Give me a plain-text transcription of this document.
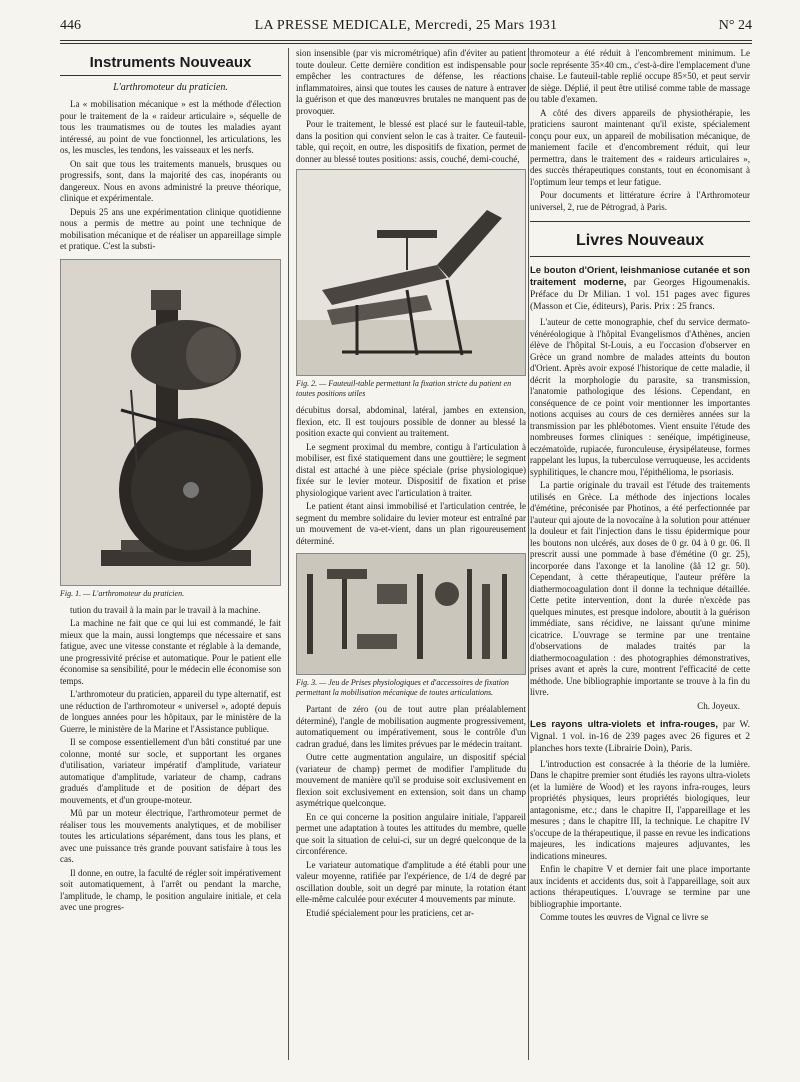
446	LA PRESSE MEDICALE, Mercredi, 25 Mars 1931	N° 24
Instruments Nouveaux
L'arthromoteur du praticien.

La « mobilisation mécanique » est la méthode d'élection pour le traitement de la « raideur articulaire », séquelle de tous les traumatismes ou de toutes les maladies ayant intéressé, au point de vue fonctionnel, les articulations, les os, les muscles, les tendons, les vaisseaux et les nerfs.

On sait que tous les traitements manuels, brusques ou progressifs, sont, dans la majorité des cas, inopérants ou dangereux. Nous en avons administré la preuve théorique, clinique et expérimentale.

Depuis 25 ans une expérimentation clinique quotidienne nous a permis de mettre au point une technique de mobilisation mécanique et de réaliser un appareillage simple et pratique. C'est la substi-

Fig. 1. — L'arthromoteur du praticien.

tution du travail à la main par le travail à la machine.

La machine ne fait que ce qui lui est commandé, le fait mieux que la main, aussi longtemps que nécessaire et sans fatigue, avec une vitesse constante et réglable à la demande, une progressivité précise et automatique. Pour le patient elle économise sa sensibilité, pour le médecin elle économise son temps.

L'arthromoteur du praticien, appareil du type alternatif, est une réduction de l'arthromoteur « universel », adopté depuis de longues années pour les hôpitaux, par le ministère de la Guerre, le ministère de la Marine et l'Assistance publique.

Il se compose essentiellement d'un bâti constitué par une colonne, monté sur socle, et supportant les organes d'utilisation, variateur impératif d'amplitude, variateur automatique d'amplitude, variateur de champ, cadrans gradués d'amplitude et de position de départ des mouvements, et d'un groupe-moteur.

Mû par un moteur électrique, l'arthromoteur permet de réaliser tous les mouvements analytiques, et de mobiliser toutes les articulations séparément, dans tous les plans, et avec une puissance très grande pouvant satisfaire à tous les cas.

Il donne, en outre, la faculté de régler soit impérativement soit automatiquement, à l'arrêt ou pendant la marche, l'amplitude, le champ, le position angulaire initiale, et cela avec une progres-

sion insensible (par vis micrométrique) afin d'éviter au patient toute douleur. Cette dernière condition est indispensable pour empêcher les contractures de défense, les réactions inflammatoires, ainsi que toutes les causes de nature à entraver la guérison et que des manœuvres brutales ne manquent pas de provoquer.

Pour le traitement, le blessé est placé sur le fauteuil-table, dans la position qui convient selon le cas à traiter. Ce fauteuil-table, qui reçoit, en outre, les dispositifs de fixation, permet de donner au blessé toutes positions: assis, couché, demi-couché,

Fig. 2. — Fauteuil-table permettant la fixation stricte du patient en toutes positions utiles

décubitus dorsal, abdominal, latéral, jambes en extension, flexion, etc. Il est toujours possible de donner au blessé la position exacte qui convient au traitement.

Le segment proximal du membre, contigu à l'articulation à mobiliser, est fixé statiquement dans une gouttière; le segment distal est attaché à une pièce spéciale (prise physiologique) fixée sur le levier moteur. Dispositif de fixation et prise physiologique varient avec l'articulation à traiter.

Le patient étant ainsi immobilisé et l'articulation centrée, le segment du membre solidaire du levier moteur est entraîné par un mouvement de va-et-vient, dans un plan rigoureusement déterminé.

Fig. 3. — Jeu de Prises physiologiques et d'accessoires de fixation permettant la mobilisation mécanique de toutes articulations.

Partant de zéro (ou de tout autre plan préalablement déterminé), l'angle de mobilisation augmente progressivement, automatiquement ou impérativement, sous le contrôle d'un cadran gradué, dans les limites prévues par le médecin traitant.

Outre cette augmentation angulaire, un dispositif spécial (variateur de champ) permet de modifier l'amplitude du mouvement de manière qu'il se produise soit exclusivement en flexion soit exclusivement en extension, soit dans un champ asymétrique quelconque.

En ce qui concerne la position angulaire initiale, l'appareil permet une adaptation à toutes les attitudes du membre, quelle que soit la situation de celui-ci, sur un degré quelconque de la circonférence.

Le variateur automatique d'amplitude a été établi pour une valeur moyenne, ratifiée par l'expérience, de 1/4 de degré par oscillation double, soit un degré par minute, la rotation étant elle-même calculée pour exécuter 4 mouvements par minute.

Etudié spécialement pour les praticiens, cet ar-

thromoteur a été réduit à l'encombrement minimum. Le socle représente 35×40 cm., c'est-à-dire l'emplacement d'une chaise. Le fauteuil-table replié occupe 85×50, et peut servir de siège. Déplié, il peut être utilisé comme table de massage ou table d'examen.

A côté des divers appareils de physiothérapie, les praticiens sauront maintenant qu'il existe, spécialement conçu pour eux, un appareil de mobilisation mécanique, de maniement facile et d'encombrement réduit, qui leur permettra, dans le traitement des « raideurs articulaires », des succès thérapeutiques constants, tout en économisant à l'optimum leur temps et leur fatigue.

Pour documents et littérature écrire à l'Arthromoteur universel, 2, rue de Pétrograd, à Paris.

Livres Nouveaux

Le bouton d'Orient, leishmaniose cutanée et son traitement moderne, par Georges Higoumenakis. Préface du Dr Milian. 1 vol. 151 pages avec figures (Masson et Cie, éditeurs), Paris. Prix : 25 francs.

L'auteur de cette monographie, chef du service dermato-vénéréologique à l'hôpital Evangelismos d'Athènes, ancien élève de l'hôpital St-Louis, a eu l'occasion d'observer en Grèce un grand nombre de malades atteints du bouton d'Orient. Après avoir exposé l'historique de cette maladie, il décrit la morphologie du parasite, sa transmission, l'anatomie pathologique des lésions. Cependant, en conséquence de ce point voir mentionner les importantes notions acquises au cours de ces dernières années sur la transmission par les phlébotomes. Vient ensuite l'étude des nombreuses formes cliniques : senéique, impétigineuse, eczématoïde, rupiacée, furonculeuse, érysipélateuse, formes rappelant les lupus, la tuberculose verruqueuse, les accidents syphilitiques, le chancre mou, l'épithélioma, le psoriasis.

La partie originale du travail est l'étude des traitements utilisés en Grèce. La méthode des injections locales d'émétine, préconisée par Photinos, a été perfectionnée par l'auteur qui ajoute de la novocaïne à la solution pour atténuer la douleur et fait l'injection dans le tissu épidermique pour les boutons non ulcérés, aux doses de 0 gr. 04 à 0 gr. 06. Il prescrit aussi une pommade à base d'émétine (0 gr. 25), incorporée dans l'axonge et la lanoline (âå 12 gr. 50). Cependant, à cette thérapeutique, l'auteur préfère la diathermocoagulation dont il donne la technique détaillée. Cette petite intervention, dont la durée n'excède pas quelques minutes, est presque indolore, aboutit à la guérison immédiate, sans récidive, ne laissant qu'une minime cicatrice. L'ouvrage se termine par une trentaine d'observations de malades traités par la diathermocoagulation : des photographies démonstratives, prises avant et après la cure, montrent l'efficacité de cette méthode. Une bibliographie importante se trouve à la fin du livre.

Ch. Joyeux.

Les rayons ultra-violets et infra-rouges, par W. Vignal. 1 vol. in-16 de 239 pages avec 26 figures et 2 planches hors texte (Librairie Doin), Paris.

L'introduction est consacrée à la théorie de la lumière. Dans le chapitre premier sont étudiés les rayons ultra-violets (et la lumière de Wood) et les rayons infra-rouges, leurs propriétés physiques, leurs propriétés biologiques, leur antagonisme, etc.; dans le chapitre II, l'appareillage et les mesures ; dans le chapitre III, la technique. Le chapitre IV s'occupe de la thérapeutique, il passe en revue les indications majeures, les indications majeures adjuvantes, les indications mineures.

Enfin le chapitre V et dernier fait une place importante aux incidents et accidents dus, soit à l'appareillage, soit aux actions thérapeutiques. L'ouvrage se termine par une bibliographie importante.

Comme toutes les œuvres de Vignal ce livre se
